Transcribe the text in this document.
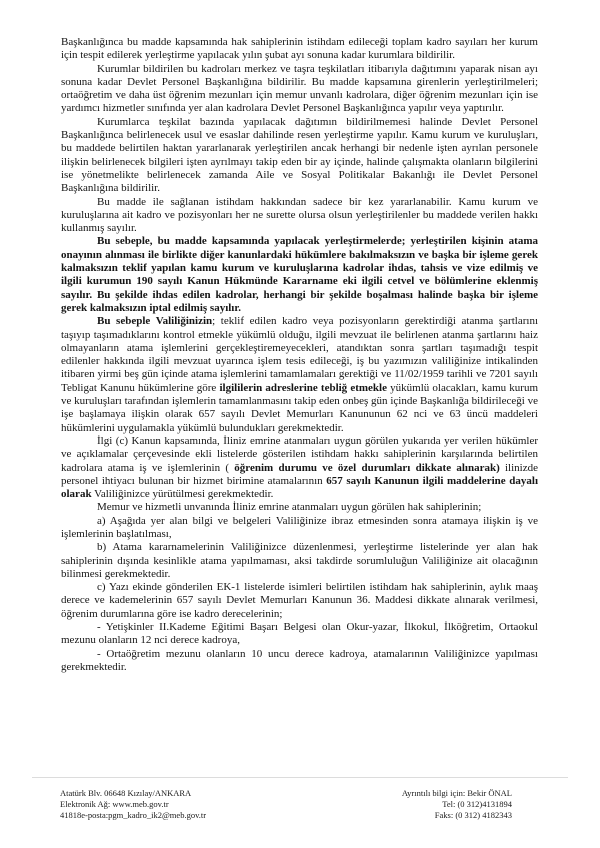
Başkanlığınca bu madde kapsamında hak sahiplerinin istihdam edileceği toplam kadro sayıları her kurum için tespit edilerek yerleştirme yapılacak yılın şubat ayı sonuna kadar kurumlara bildirilir.

Kurumlar bildirilen bu kadroları merkez ve taşra teşkilatları itibarıyla dağıtımını yaparak nisan ayı sonuna kadar Devlet Personel Başkanlığına bildirilir. Bu madde kapsamına girenlerin yerleştirilmeleri; ortaöğretim ve daha üst öğrenim mezunları için memur unvanlı kadrolara, diğer öğrenim mezunları için ise yardımcı hizmetler sınıfında yer alan kadrolara Devlet Personel Başkanlığınca yapılır veya yaptırılır.

Kurumlarca teşkilat bazında yapılacak dağıtımın bildirilmemesi halinde Devlet Personel Başkanlığınca belirlenecek usul ve esaslar dahilinde resen yerleştirme yapılır. Kamu kurum ve kuruluşları, bu maddede belirtilen haktan yararlanarak yerleştirilen ancak herhangi bir nedenle işten ayrılan personele ilişkin belirlenecek bilgileri işten ayrılmayı takip eden bir ay içinde, halinde çalışmakta olanların bilgilerini ise yönetmelikte belirlenecek zamanda Aile ve Sosyal Politikalar Bakanlığı ile Devlet Personel Başkanlığına bildirilir.

Bu madde ile sağlanan istihdam hakkından sadece bir kez yararlanabilir. Kamu kurum ve kuruluşlarına ait kadro ve pozisyonları her ne surette olursa olsun yerleştirilenler bu maddede verilen hakkı kullanmış sayılır.

Bu sebeple, bu madde kapsamında yapılacak yerleştirmelerde; yerleştirilen kişinin atama onayının alınması ile birlikte diğer kanunlardaki hükümlere bakılmaksızın ve başka bir işleme gerek kalmaksızın teklif yapılan kamu kurum ve kuruluşlarına kadrolar ihdas, tahsis ve vize edilmiş ve ilgili kurumun 190 sayılı Kanun Hükmünde Kararname eki ilgili cetvel ve bölümlerine eklenmiş sayılır. Bu şekilde ihdas edilen kadrolar, herhangi bir şekilde boşalması halinde başka bir işleme gerek kalmaksızın iptal edilmiş sayılır.

Bu sebeple Valiliğinizin; teklif edilen kadro veya pozisyonların gerektirdiği atanma şartlarını taşıyıp taşımadıklarını kontrol etmekle yükümlü olduğu, ilgili mevzuat ile belirlenen atanma şartlarını haiz olmayanların atama işlemlerini gerçekleştiremeyecekleri, atandıktan sonra şartları taşımadığı tespit edilenler hakkında ilgili mevzuat uyarınca işlem tesis edileceği, iş bu yazımızın valiliğinize intikalinden itibaren yirmi beş gün içinde atama işlemlerini tamamlamaları gerektiği ve 11/02/1959 tarihli ve 7201 sayılı Tebligat Kanunu hükümlerine göre ilgililerin adreslerine tebliğ etmekle yükümlü olacakları, kamu kurum ve kuruluşları tarafından işlemlerin tamamlanmasını takip eden onbeş gün içinde Başkanlığa bildirileceği ve işe başlamaya ilişkin olarak 657 sayılı Devlet Memurları Kanununun 62 nci ve 63 üncü maddeleri hükümlerini uygulamakla yükümlü bulundukları gerekmektedir.

İlgi (c) Kanun kapsamında, İliniz emrine atanmaları uygun görülen yukarıda yer verilen hükümler ve açıklamalar çerçevesinde ekli listelerde gösterilen istihdam hakkı sahiplerinin karşılarında belirtilen kadrolara atama iş ve işlemlerinin ( öğrenim durumu ve özel durumları dikkate alınarak) ilinizde personel ihtiyacı bulunan bir hizmet birimine atamalarının 657 sayılı Kanunun ilgili maddelerine dayalı olarak Valiliğinizce yürütülmesi gerekmektedir.

Memur ve hizmetli unvanında İliniz emrine atanmaları uygun görülen hak sahiplerinin;

a) Aşağıda yer alan bilgi ve belgeleri Valiliğinize ibraz etmesinden sonra atamaya ilişkin iş ve işlemlerinin başlatılması,

b) Atama kararnamelerinin Valiliğinizce düzenlenmesi, yerleştirme listelerinde yer alan hak sahiplerinin dışında kesinlikle atama yapılmaması, aksi takdirde sorumluluğun Valiliğinize ait olacağının bilinmesi gerekmektedir.

c) Yazı ekinde gönderilen EK-1 listelerde isimleri belirtilen istihdam hak sahiplerinin, aylık maaş derece ve kademelerinin 657 sayılı Devlet Memurları Kanunun 36. Maddesi dikkate alınarak verilmesi, öğrenim durumlarına göre ise kadro derecelerinin;

- Yetişkinler II.Kademe Eğitimi Başarı Belgesi olan Okur-yazar, İlkokul, İlköğretim, Ortaokul mezunu olanların 12 nci derece kadroya,

- Ortaöğretim mezunu olanların 10 uncu derece kadroya, atamalarının Valiliğinizce yapılması gerekmektedir.

Atatürk Blv. 06648 Kızılay/ANKARA
Elektronik Ağ: www.meb.gov.tr
41818e-posta:pgm_kadro_ik2@meb.gov.tr
Ayrıntılı bilgi için: Bekir ÖNAL
Tel: (0 312)4131894
Faks: (0 312) 4182343
